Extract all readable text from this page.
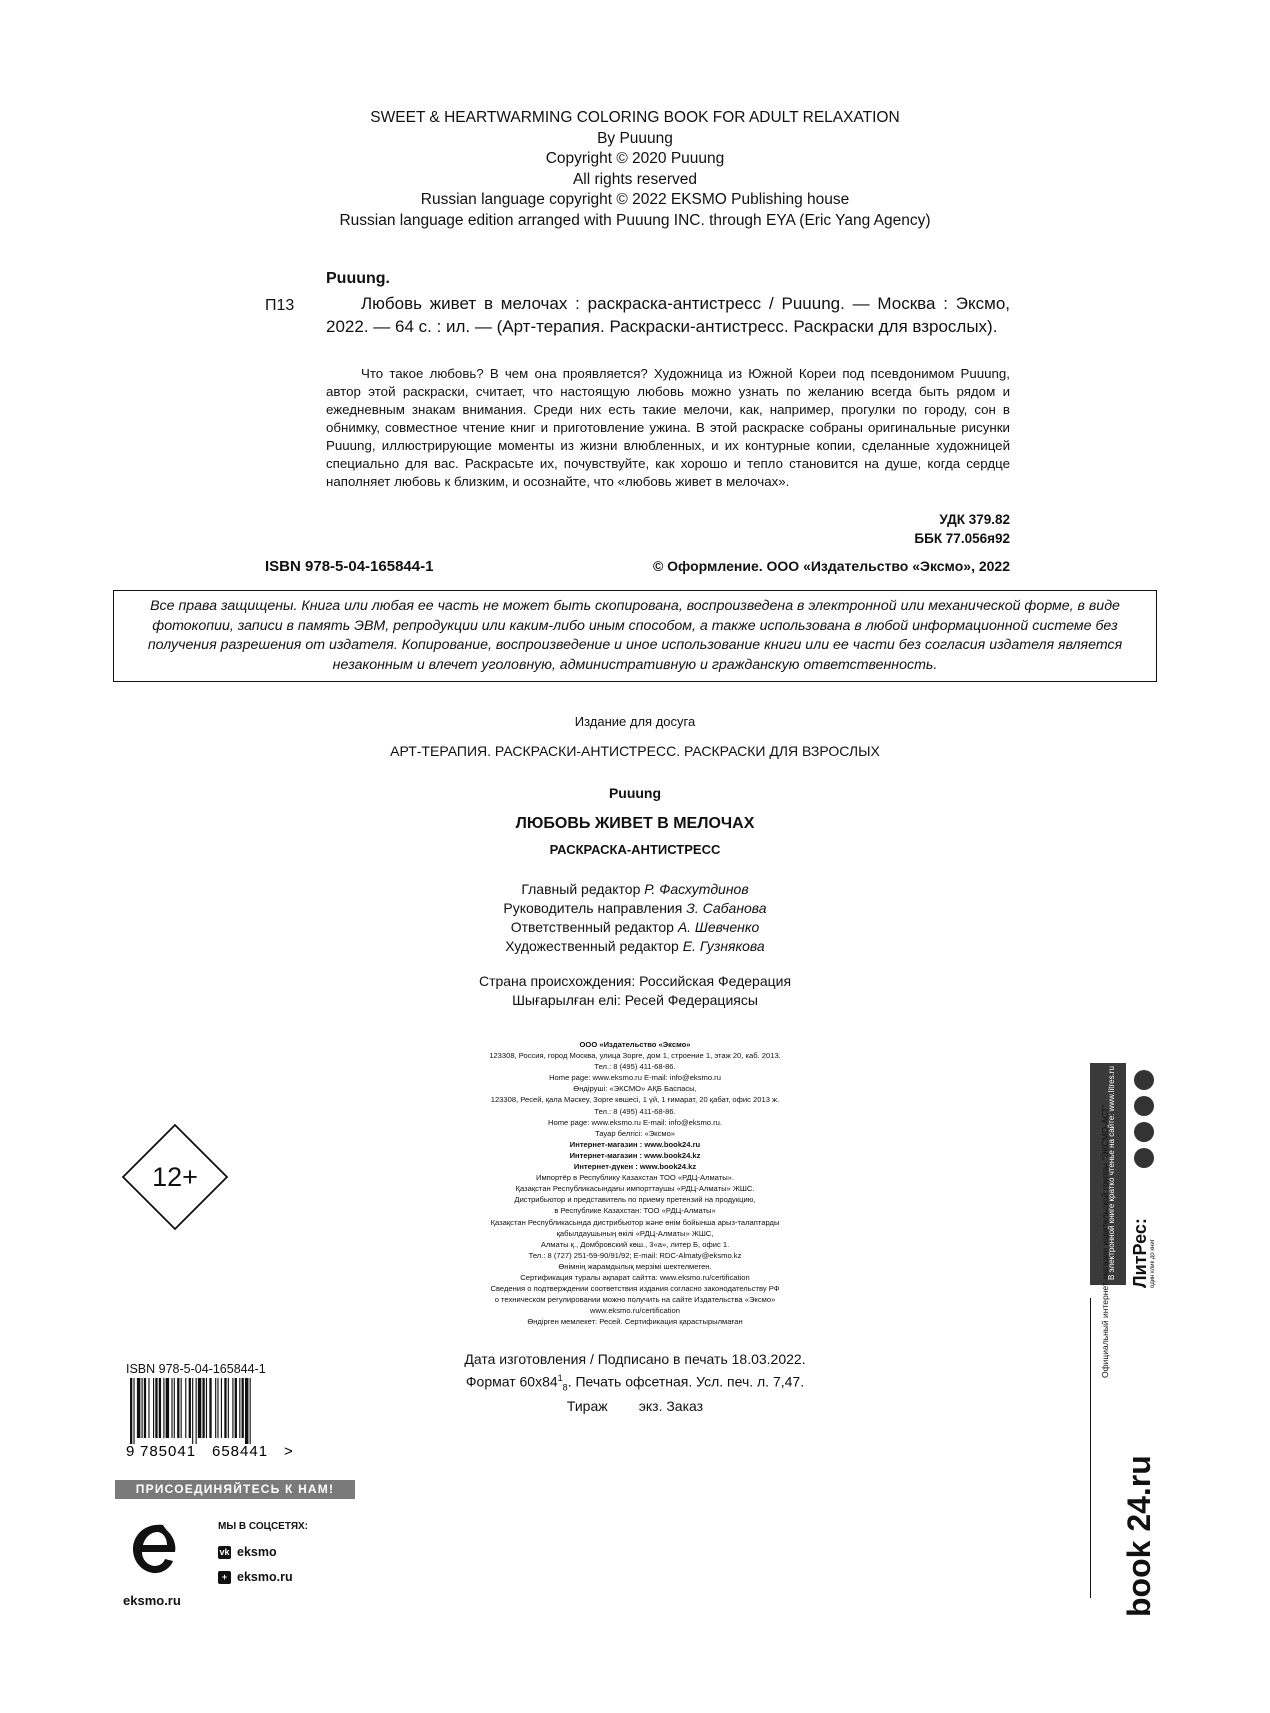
SWEET & HEARTWARMING COLORING BOOK FOR ADULT RELAXATION
By Puuung
Copyright © 2020 Puuung
All rights reserved
Russian language copyright © 2022 EKSMO Publishing house
Russian language edition arranged with Puuung INC. through EYA (Eric Yang Agency)
Puuung.
П13	Любовь живет в мелочах : раскраска-антистресс / Puuung. — Москва : Эксмо, 2022. — 64 с. : ил. — (Арт-терапия. Раскраски-антистресс. Раскраски для взрослых).
Что такое любовь? В чем она проявляется? Художница из Южной Кореи под псевдонимом Puuung, автор этой раскраски, считает, что настоящую любовь можно узнать по желанию всегда быть рядом и ежедневным знакам внимания. Среди них есть такие мелочи, как, например, прогулки по городу, сон в обнимку, совместное чтение книг и приготовление ужина. В этой раскраске собраны оригинальные рисунки Puuung, иллюстрирующие моменты из жизни влюбленных, и их контурные копии, сделанные художницей специально для вас. Раскрасьте их, почувствуйте, как хорошо и тепло становится на душе, когда сердце наполняет любовь к близким, и осознайте, что «любовь живет в мелочах».
УДК 379.82
ББК 77.056я92
ISBN 978-5-04-165844-1	© Оформление. ООО «Издательство «Эксмо», 2022
Все права защищены. Книга или любая ее часть не может быть скопирована, воспроизведена в электронной или механической форме, в виде фотокопии, записи в память ЭВМ, репродукции или каким-либо иным способом, а также использована в любой информационной системе без получения разрешения от издателя. Копирование, воспроизведение и иное использование книги или ее части без согласия издателя является незаконным и влечет уголовную, административную и гражданскую ответственность.
Издание для досуга
АРТ-ТЕРАПИЯ. РАСКРАСКИ-АНТИСТРЕСС. РАСКРАСКИ ДЛЯ ВЗРОСЛЫХ
Puuung
ЛЮБОВЬ ЖИВЕТ В МЕЛОЧАХ
РАСКРАСКА-АНТИСТРЕСС
Главный редактор Р. Фасхутдинов
Руководитель направления З. Сабанова
Ответственный редактор А. Шевченко
Художественный редактор Е. Гузнякова
Страна происхождения: Российская Федерация
Шығарылған елі: Ресей Федерациясы
ООО «Издательство «Эксмо»
123308, Россия, город Москва, улица Зорге, дом 1, строение 1, этаж 20, каб. 2013.
Тел.: 8 (495) 411-68-86.
Home page: www.eksmo.ru E-mail: info@eksmo.ru
Өндіруші: «ЭКСМО» АҚБ Баспасы,
123308, Ресей, қала Мәскеу, Зорге көшесі, 1 үй, 1 ғимарат, 20 қабат, офис 2013 ж.
Тел.: 8 (495) 411-68-86.
Home page: www.eksmo.ru E-mail: info@eksmo.ru.
Тауар белгісі: «Эксмо»
Интернет-магазин : www.book24.ru
Интернет-магазин : www.book24.kz
Интернет-дүкен : www.book24.kz
Импортёр в Республику Казахстан ТОО «РДЦ-Алматы».
Қазақстан Республикасындағы импорттаушы «РДЦ-Алматы» ЖШС.
Дистрибьютор и представитель по приему претензий на продукцию,
в Республике Казахстан: ТОО «РДЦ-Алматы»
Қазақстан Республикасында дистрибьютор және өнім бойынша арыз-талаптарды
қабылдаушының өкілі «РДЦ-Алматы» ЖШС,
Алматы қ., Домбровский көш., 3«а», литер Б, офис 1.
Тел.: 8 (727) 251-59-90/91/92; E-mail: RDC-Almaty@eksmo.kz
Өнімнің жарамдылық мерзімі шектелмеген.
Сертификация туралы ақпарат сайтта: www.eksmo.ru/certification
Сведения о подтверждении соответствия издания согласно законодательству РФ
о техническом регулировании можно получить на сайте Издательства «Эксмо»
www.eksmo.ru/certification
Өндірген мемлекет: Ресей. Сертификация қарастырылмаған
Дата изготовления / Подписано в печать 18.03.2022.
Формат $60x84^1_8$. Печать офсетная. Усл. печ. л. 7,47.
Тираж        экз. Заказ
12+
ISBN 978-5-04-165844-1
9 785041 658441 >
ПРИСОЕДИНЯЙТЕСЬ К НАМ!
eksmo.ru
МЫ В СОЦСЕТЯХ:
vk eksmo
+ eksmo.ru
В электронной книге кратко чтенье на сайте: www.litres.ru ЛитРес: один клик до книг
Официальный интернет-магазин издательской группы "ЭКСМО-АСТ"
book 24.ru
